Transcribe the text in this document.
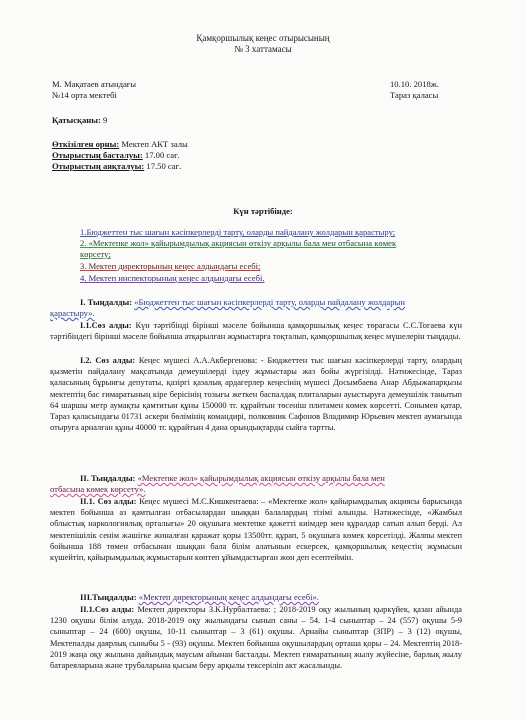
Қамқоршылық кеңес отырысының
№ 3 хаттамасы
М. Мақатаев атындағы
№14 орта мектебі
10.10. 2018ж.
Тараз қаласы
Қатысқаны: 9
Өткізілген орны: Мектеп АКТ залы
Отырыстың басталуы: 17.00 сағ.
Отырыстың аяқталуы: 17.50 сағ.
Күн тәртібінде:
1.Бюджеттен тыс шағын кәсіпкерлерді тарту, оларды пайдалану жолдарын қарастыру;
2. «Мектепке жол» қайырымдылық акциясын өткізу арқылы бала мен отбасына көмек
көрсету;
3. Мектеп директорының кеңес алдындағы есебі;
4. Мектеп инспекторының кеңес алдындағы есебі.
I. Тыңдалды: «Бюджеттен тыс шағын кәсіпкерлерді тарту, оларды пайдалану жолдарын
қарастыру».
I.1.Сөз алды: Күн тәртібінді бірінші мәселе бойынша қамқоршылық кеңес төрағасы С.С.Тогаева күн тәртібіндегі бірінші мәселе бойынша атқарылған жұмыстарға тоқталып, қамқоршылық кеңес мүшелерін тыңдады.
I.2. Сөз алды: Кеңес мүшесі А.А.Акбергенова: - Бюджеттен тыс шағын кәсіпкерлерді тарту, олардың қызметін пайдалану мақсатында демеушілерді іздеу жұмыстары жаз бойы жүргізілді. Нәтижесінде, Тараз қаласының бұрынғы депутаты, қазіргі қазалық ардагерлер кеңесінің мүшесі Досымбаева Анар Абдыжапарқызы мектептің бас ғимаратының кіре берісінің тозығы жеткен баспалдақ плиталарын ауыстыруға демеушілік танытып 64 шаршы метр аумақты қамтитын құны 150000 тг. құрайтын төсеніш плитамен көмек көрсетті. Сонымен қатар, Тараз қаласындағы 01731 әскери бөлімінің командирі, полковник Сафонов Владимир Юрьевич мектеп аумағында отыруға арналған құны 40000 тг. құрайтын 4 дана орындықтарды сыйға тартты.
II. Тыңдалды: «Мектепке жол» қайырымдылық акциясын өткізу арқылы бала мен
отбасына көмек көрсету».
II.1. Сөз алды: Кеңес мүшесі М.С.Кишкентаева: – «Мектепке жол» қайырымдылық акциясы барысында мектеп бойынша аз қамтылған отбасылардан шыққан балалардың тізімі алынды. Нәтижесінде, «Жамбыл облыстық наркологиялық орталығы» 20 оқушыға мектепке қажетті киімдер мен құралдар сатып алып берді. Ал мектепішілік сенім жәшігке жиналған қаражат қоры 13500тг. құрап, 5 оқушыға көмек көрсетілді. Жалпы мектеп бойынша 188 төмен отбасынан шыққан бала білім алатынын ескерсек, қамқоршылық кеңестің жұмысын күшейтіп, қайырымдылық жұмыстарын көптеп ұйымдастырған жөн деп есептеймін.
III.Тыңдалды: «Мектеп директорының кеңес алдындағы есебі».
II.1.Сөз алды: Мектеп директоры З.К.Нурбалтаева: ; 2018-2019 оқу жылының қыркүйек, қазан айында 1230 оқушы білім алуда. 2018-2019 оқу жылындағы сынып саны – 54. 1-4 сыныптар – 24 (557) оқушы 5-9 сыныптар – 24 (600) оқушы, 10-11 сыныптар – 3 (61) оқушы. Арнайы сыныптар (ЗПР) – 3 (12) оқушы, Мектепалды даярлық сыныбы 5 - (93) оқушы. Мектеп бойынша оқушылардың орташа қоры – 24. Мектептің 2018-2019 жаңа оқу жылына дайындық маусым айынан басталды. Мектеп ғимаратының жылу жүйесіне, барлық жылу батареяларына және трубаларына қысым беру арқылы тексеріліп акт жасалынды.
